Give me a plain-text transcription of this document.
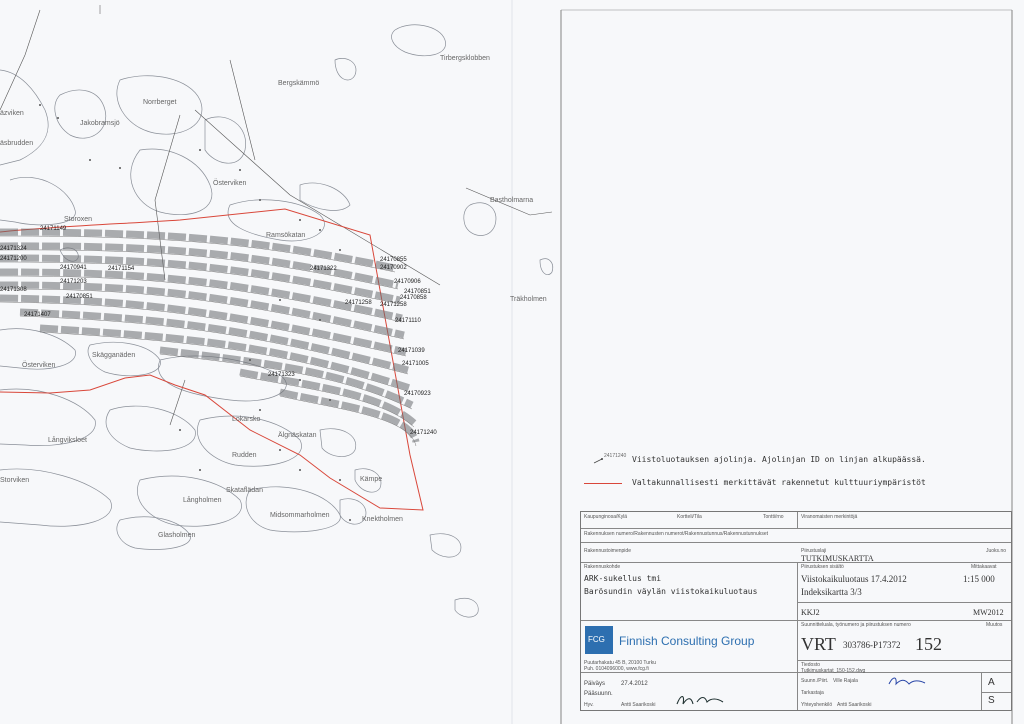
Tirbergsklobben
Bergskämmö
Norrberget
Jakobramsjö
äzviken
äsbrudden
Bastholmarna
Österviken
Storoxen
Ramsökatan
Träkholmen
Skägganäden
Österviken
Lokarsko
Älgnäskatan
Långviksloet
Rudden
Storviken
Skataflädan
Långholmen
Kämpe
Midsommarholmen
Knektholmen
Glasholmen
24171149
24171154
24170941
24171203
24170851
24171407
24171324
24171308
24171200
24171322
24170855
24170902
24170906
24170851
24170858
24171258
24171110
24171039
24171005
24170923
24171240
24171258
24171323
24171240 Viistoluotauksen ajolinja. Ajolinjan ID on linjan alkupäässä.
Valtakunnallisesti merkittävät rakennetut kulttuuriympäristöt
Kaupunginosa/Kylä	Kortteli/Tila	Tontti/rno	Viranomaisten merkintöjä
Rakennuksen numero/Rakennusten numerot/Rakennustunnus/Rakennustunnukset
Rakennustoimenpide	Piirustuslaji	Juoks.no
TUTKIMUSKARTTA
Rakennuskohde
ARK-sukellus tmi
Barösundin väylän viistokaikuluotaus
Piirustuksen sisältö	Mittakaavat
Viistokaikuluotaus 17.4.2012
Indeksikartta 3/3
1:15 000
KKJ2	MW2012
FCG Finnish Consulting Group
Puutarhakatu 45 B, 20100 Turku
Puh. 0104096000, www.fcg.fi
Suunnittelualа, työnumero ja piirustuksen numero	Muutos
VRT 303786-P17372 152
Tiedosto
Tutkimuskartat_150-152.dwg
Päiväys	27.4.2012
Pääsuunn.
Hyv.	Antti Saarikoski
Suunn./Piirt. Ville Rajala
Tarkastaja
Yhteyshenkilö Antti Saarikoski
A
S
